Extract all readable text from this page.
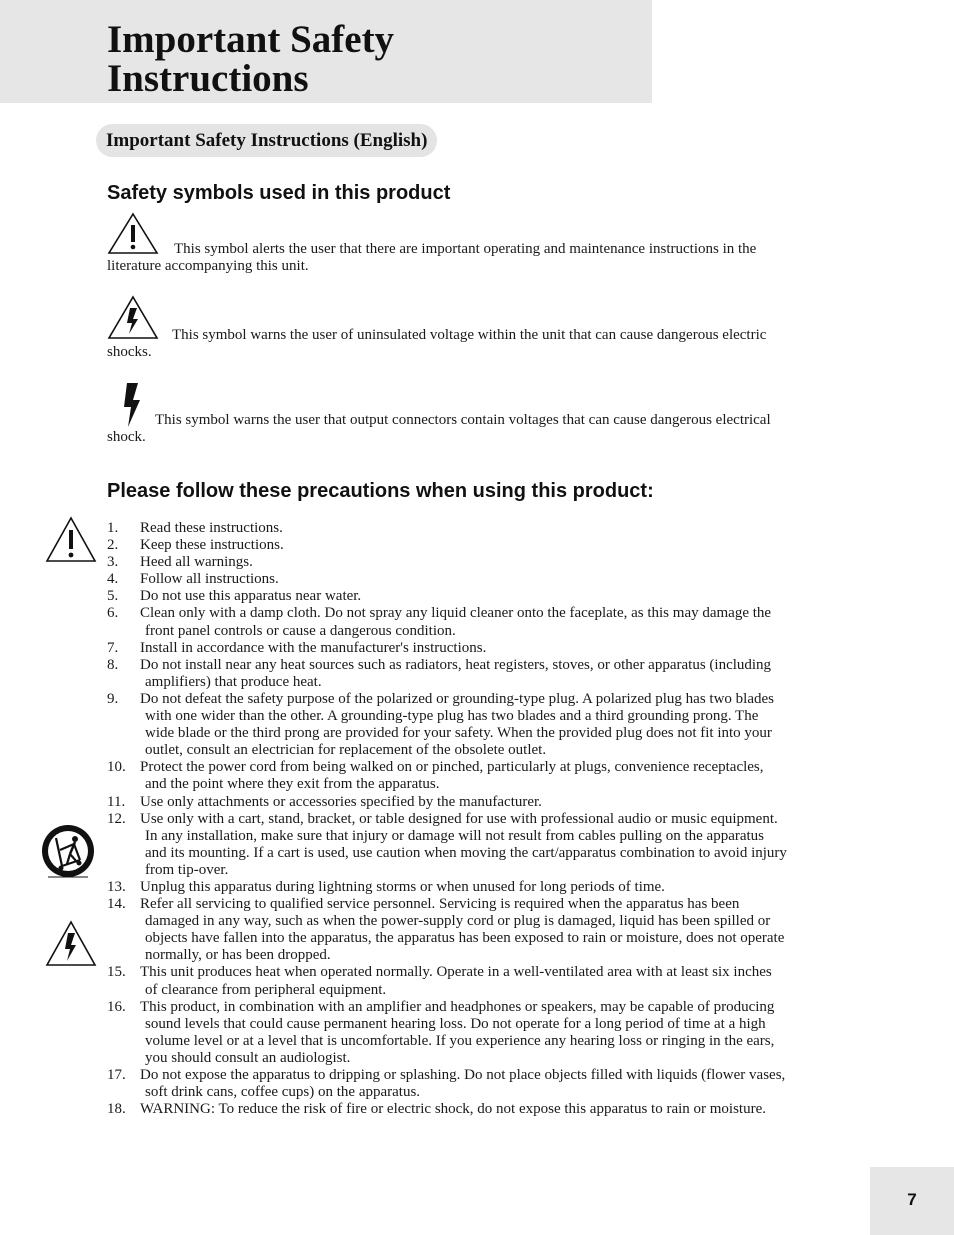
Important Safety
Instructions
Important Safety Instructions (English)
Safety symbols used in this product
This symbol alerts the user that there are important operating and maintenance instructions in the literature accompanying this unit.
This symbol warns the user of uninsulated voltage within the unit that can cause dangerous electric shocks.
This symbol warns the user that output connectors contain voltages that can cause dangerous electrical shock.
Please follow these precautions when using this product:
1. Read these instructions.
2. Keep these instructions.
3. Heed all warnings.
4. Follow all instructions.
5. Do not use this apparatus near water.
6. Clean only with a damp cloth. Do not spray any liquid cleaner onto the faceplate, as this may damage the front panel controls or cause a dangerous condition.
7. Install in accordance with the manufacturer's instructions.
8. Do not install near any heat sources such as radiators, heat registers, stoves, or other apparatus (including amplifiers) that produce heat.
9. Do not defeat the safety purpose of the polarized or grounding-type plug. A polarized plug has two blades with one wider than the other. A grounding-type plug has two blades and a third grounding prong. The wide blade or the third prong are provided for your safety. When the provided plug does not fit into your outlet, consult an electrician for replacement of the obsolete outlet.
10. Protect the power cord from being walked on or pinched, particularly at plugs, convenience receptacles, and the point where they exit from the apparatus.
11. Use only attachments or accessories specified by the manufacturer.
12. Use only with a cart, stand, bracket, or table designed for use with professional audio or music equipment. In any installation, make sure that injury or damage will not result from cables pulling on the apparatus and its mounting. If a cart is used, use caution when moving the cart/apparatus combination to avoid injury from tip-over.
13. Unplug this apparatus during lightning storms or when unused for long periods of time.
14. Refer all servicing to qualified service personnel. Servicing is required when the apparatus has been damaged in any way, such as when the power-supply cord or plug is damaged, liquid has been spilled or objects have fallen into the apparatus, the apparatus has been exposed to rain or moisture, does not operate normally, or has been dropped.
15. This unit produces heat when operated normally. Operate in a well-ventilated area with at least six inches of clearance from peripheral equipment.
16. This product, in combination with an amplifier and headphones or speakers, may be capable of producing sound levels that could cause permanent hearing loss. Do not operate for a long period of time at a high volume level or at a level that is uncomfortable. If you experience any hearing loss or ringing in the ears, you should consult an audiologist.
17. Do not expose the apparatus to dripping or splashing. Do not place objects filled with liquids (flower vases, soft drink cans, coffee cups) on the apparatus.
18. WARNING: To reduce the risk of fire or electric shock, do not expose this apparatus to rain or moisture.
7
